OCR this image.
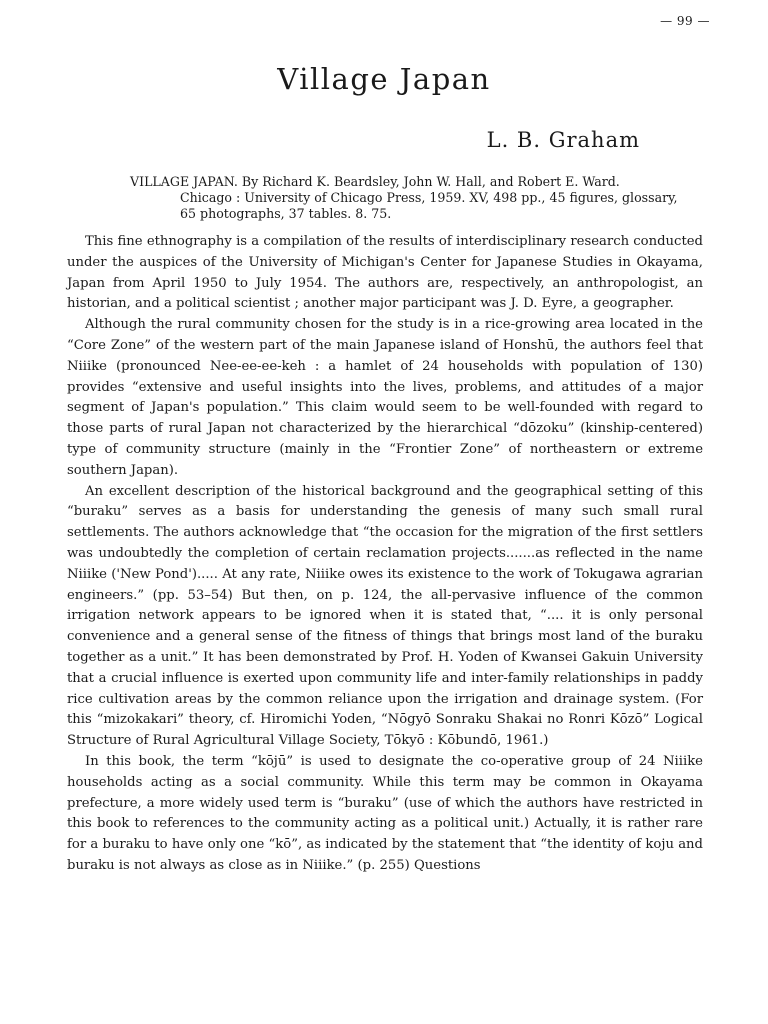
— 99 —
Village Japan
L. B. Graham
VILLAGE JAPAN. By Richard K. Beardsley, John W. Hall, and Robert E. Ward.
Chicago : University of Chicago Press, 1959. XV, 498 pp., 45 figures, glossary,
65 photographs, 37 tables. 8. 75.

This fine ethnography is a compilation of the results of interdisciplinary research conducted under the auspices of the University of Michigan's Center for Japanese Studies in Okayama, Japan from April 1950 to July 1954. The authors are, respectively, an anthropologist, an historian, and a political scientist ; another major participant was J. D. Eyre, a geographer.

Although the rural community chosen for the study is in a rice-growing area located in the “Core Zone” of the western part of the main Japanese island of Honshū, the authors feel that Niiike (pronounced Nee-ee-ee-keh : a hamlet of 24 households with population of 130) provides “extensive and useful insights into the lives, problems, and attitudes of a major segment of Japan's population.” This claim would seem to be well-founded with regard to those parts of rural Japan not characterized by the hierarchical “dōzoku” (kinship-centered) type of community structure (mainly in the “Frontier Zone” of northeastern or extreme southern Japan).

An excellent description of the historical background and the geographical setting of this “buraku” serves as a basis for understanding the genesis of many such small rural settlements. The authors acknowledge that “the occasion for the migration of the first settlers was undoubtedly the completion of certain reclamation projects.......as reflected in the name Niiike ('New Pond')..... At any rate, Niiike owes its existence to the work of Tokugawa agrarian engineers.” (pp. 53–54) But then, on p. 124, the all-pervasive influence of the common irrigation network appears to be ignored when it is stated that, “.... it is only personal convenience and a general sense of the fitness of things that brings most land of the buraku together as a unit.” It has been demonstrated by Prof. H. Yoden of Kwansei Gakuin University that a crucial influence is exerted upon community life and inter-family relationships in paddy rice cultivation areas by the common reliance upon the irrigation and drainage system. (For this “mizokakari” theory, cf. Hiromichi Yoden, “Nōgyō Sonraku Shakai no Ronri Kōzō” Logical Structure of Rural Agricultural Village Society, Tōkyō : Kōbundō, 1961.)

In this book, the term “kōjū” is used to designate the co-operative group of 24 Niiike households acting as a social community. While this term may be common in Okayama prefecture, a more widely used term is “buraku” (use of which the authors have restricted in this book to references to the community acting as a political unit.) Actually, it is rather rare for a buraku to have only one “kō”, as indicated by the statement that “the identity of koju and buraku is not always as close as in Niiike.” (p. 255) Questions
